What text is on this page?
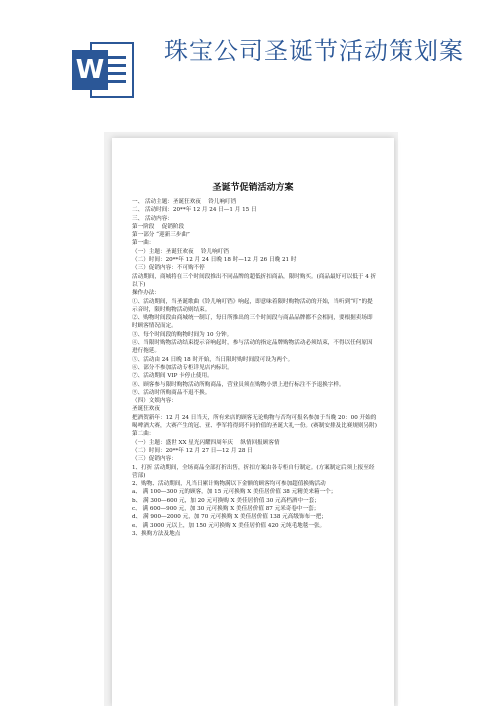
W
珠宝公司圣诞节活动策划案
圣诞节促销活动方案
一、 活动主题：圣诞狂欢夜　 铃儿响叮铛
二、 活动时间：20**年 12 月 24 日—1 月 15 日
三、 活动内容：
第一阶段　 促销阶段
第一部分 “迎新三步曲”
第一曲：
（一）主题：圣诞狂欢夜　 铃儿响叮铛
（二）时间：20**年 12 月 24 日晚 18 时—12 月 26 日晚 21 时
（三）促销内容：不可购不停
活动期间，商城将在三个时间段推出不同品牌的超低折扣商品，限时购买。(商品最好可以低于 4 折以下)
操作办法：
①、活动期间，当圣诞歌曲《铃儿响叮铛》响起，即意味着限时购物活动的开始，当听到“叮”的提示音时，限时购物活动则结束。
②、购物时间段由商城统一制订，每日所推出的三个时间段与商品品牌都不会相同，要根据卖场即时顾客情况而定。
③、每个时间段的购物时间为 10 分钟。
④、当限时购物活动结束提示音响起时，参与活动的指定品牌购物活动必须结束，不得以任何原因进行拖延。
⑤、活动由 24 日晚 18 时开始，当日限时购时间段可设为两个。
⑥、部分不参加活动专柜详见店内标识。
⑦、活动期间 VIP 卡停止使用。
⑧、顾客参与限时购物活动所购商品，营业员须在购物小票上进行标注不予退换字样。
⑨、活动时所购商品不退不换。
（四）文娱内容：
圣诞狂欢夜
把酒贺新年：12 月 24 日当天，所有来店的顾客无论购物与否均可报名参加于当晚 20：00 开始的喝啤酒大赛，大赛产生的冠、亚、季军将得到不同价值的圣诞大礼一份。(赛制安排及比赛规则另附)
第二曲：
（一）主题：盛世 XX 星光闪耀四周年庆　 纵情回报顾客情
（二）时间：20**年 12 月 27 日—12 月 28 日
（三）促销内容：
1、打折 活动期间，全场商品全部打折出售，折扣方案由各专柜自行制定。(方案制定后须上报至经营部)
2、购物、活动期间，凡当日累计购物满以下金额的顾客均可参加超值换购活动
a、 满 100—300 元的顾客，加 15 元可换购 X 美佳居价值 38 元精美来箱一个；
b、 满 300—600 元，加 20 元可换购 X 美佳居价值 30 元高档酒中一套；
c、 满 600—900 元，加 30 元可换购 X 美佳居价值 87 元米奇卷中一套；
d、 满 900—2000 元，加 70 元可换购 X 美佳居价值 138 元高级饰布一把；
e、 满 3000 元以上，加 150 元可换购 X 美佳居价值 420 元纯毛地毯一张。
3、换购方法及地点
